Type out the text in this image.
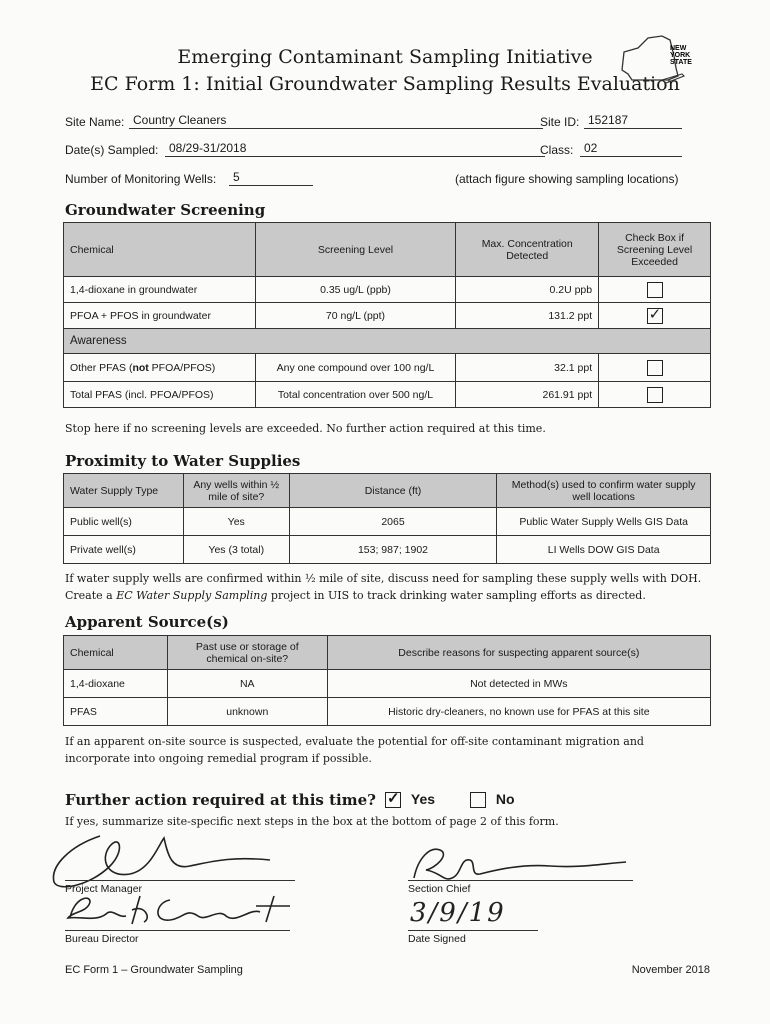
Emerging Contaminant Sampling Initiative
EC Form 1: Initial Groundwater Sampling Results Evaluation
NEW
YORK
STATE
Site Name: Country Cleaners	Site ID: 152187
Date(s) Sampled: 08/29-31/2018	Class: 02
Number of Monitoring Wells:	5	(attach figure showing sampling locations)
Groundwater Screening
Chemical	Screening Level	Max. Concentration Detected	Check Box if Screening Level Exceeded
1,4-dioxane in groundwater	0.35 ug/L (ppb)	0.2U ppb	
PFOA + PFOS in groundwater	70 ng/L (ppt)	131.2 ppt	✓
Awareness			
Other PFAS (not PFOA/PFOS)	Any one compound over 100 ng/L	32.1 ppt	
Total PFAS (incl. PFOA/PFOS)	Total concentration over 500 ng/L	261.91 ppt	
Stop here if no screening levels are exceeded. No further action required at this time.
Proximity to Water Supplies
Water Supply Type	Any wells within ½ mile of site?	Distance (ft)	Method(s) used to confirm water supply well locations
Public well(s)	Yes	2065	Public Water Supply Wells GIS Data
Private well(s)	Yes (3 total)	153; 987; 1902	LI Wells DOW GIS Data
If water supply wells are confirmed within ½ mile of site, discuss need for sampling these supply wells with DOH.
Create a EC Water Supply Sampling project in UIS to track drinking water sampling efforts as directed.
Apparent Source(s)
Chemical	Past use or storage of chemical on-site?	Describe reasons for suspecting apparent source(s)
1,4-dioxane	NA	Not detected in MWs
PFAS	unknown	Historic dry-cleaners, no known use for PFAS at this site
If an apparent on-site source is suspected, evaluate the potential for off-site contaminant migration and
incorporate into ongoing remedial program if possible.
Further action required at this time? ✓	Yes	No
If yes, summarize site-specific next steps in the box at the bottom of page 2 of this form.
Project Manager	Section Chief
Bureau Director
3/9/19
Date Signed
EC Form 1 – Groundwater Sampling	November 2018
